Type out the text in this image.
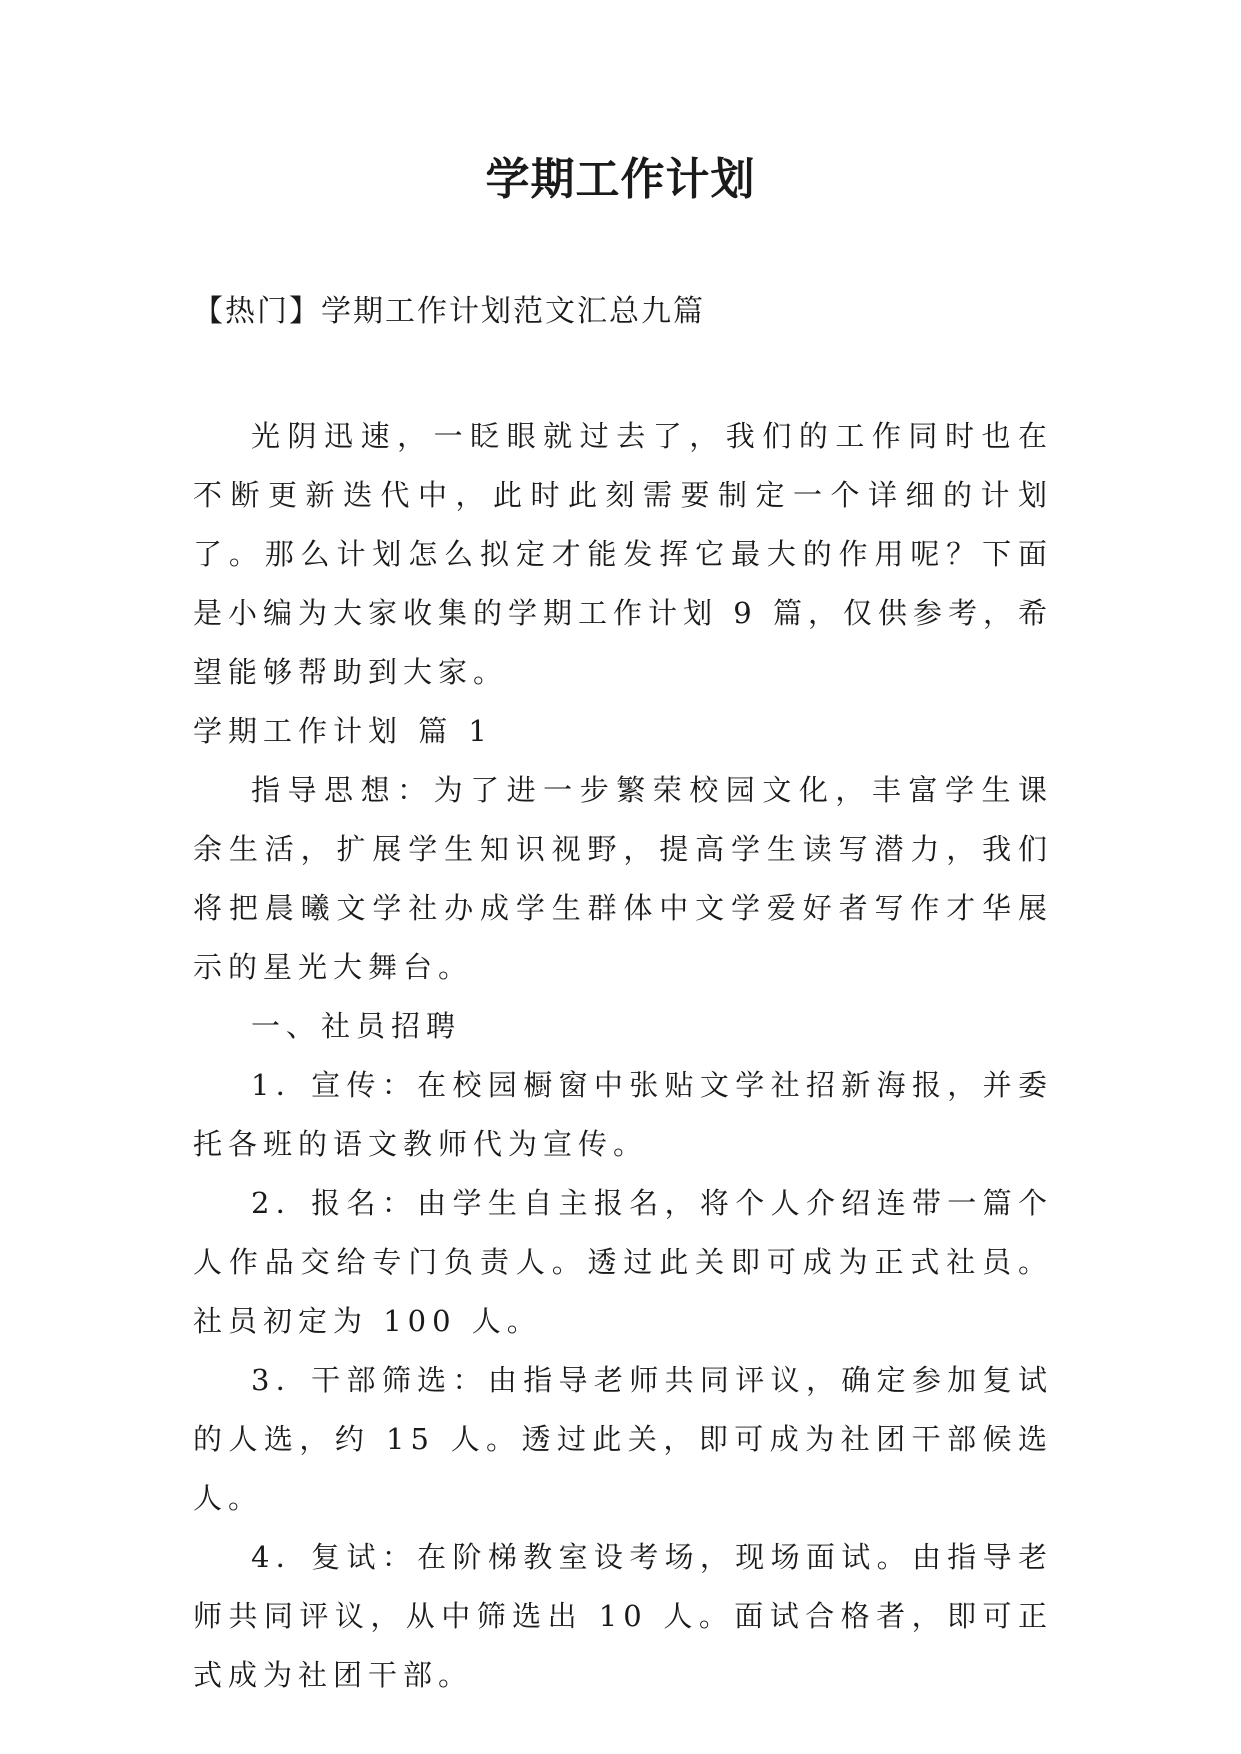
学期工作计划
【热门】学期工作计划范文汇总九篇

光阴迅速，一眨眼就过去了，我们的工作同时也在不断更新迭代中，此时此刻需要制定一个详细的计划了。那么计划怎么拟定才能发挥它最大的作用呢？下面是小编为大家收集的学期工作计划 9 篇，仅供参考，希望能够帮助到大家。

学期工作计划 篇 1

指导思想：为了进一步繁荣校园文化，丰富学生课余生活，扩展学生知识视野，提高学生读写潜力，我们将把晨曦文学社办成学生群体中文学爱好者写作才华展示的星光大舞台。

一、社员招聘

1．宣传：在校园橱窗中张贴文学社招新海报，并委托各班的语文教师代为宣传。

2．报名：由学生自主报名，将个人介绍连带一篇个人作品交给专门负责人。透过此关即可成为正式社员。社员初定为 100 人。

3．干部筛选：由指导老师共同评议，确定参加复试的人选，约 15 人。透过此关，即可成为社团干部候选人。

4．复试：在阶梯教室设考场，现场面试。由指导老师共同评议，从中筛选出 10 人。面试合格者，即可正式成为社团干部。
